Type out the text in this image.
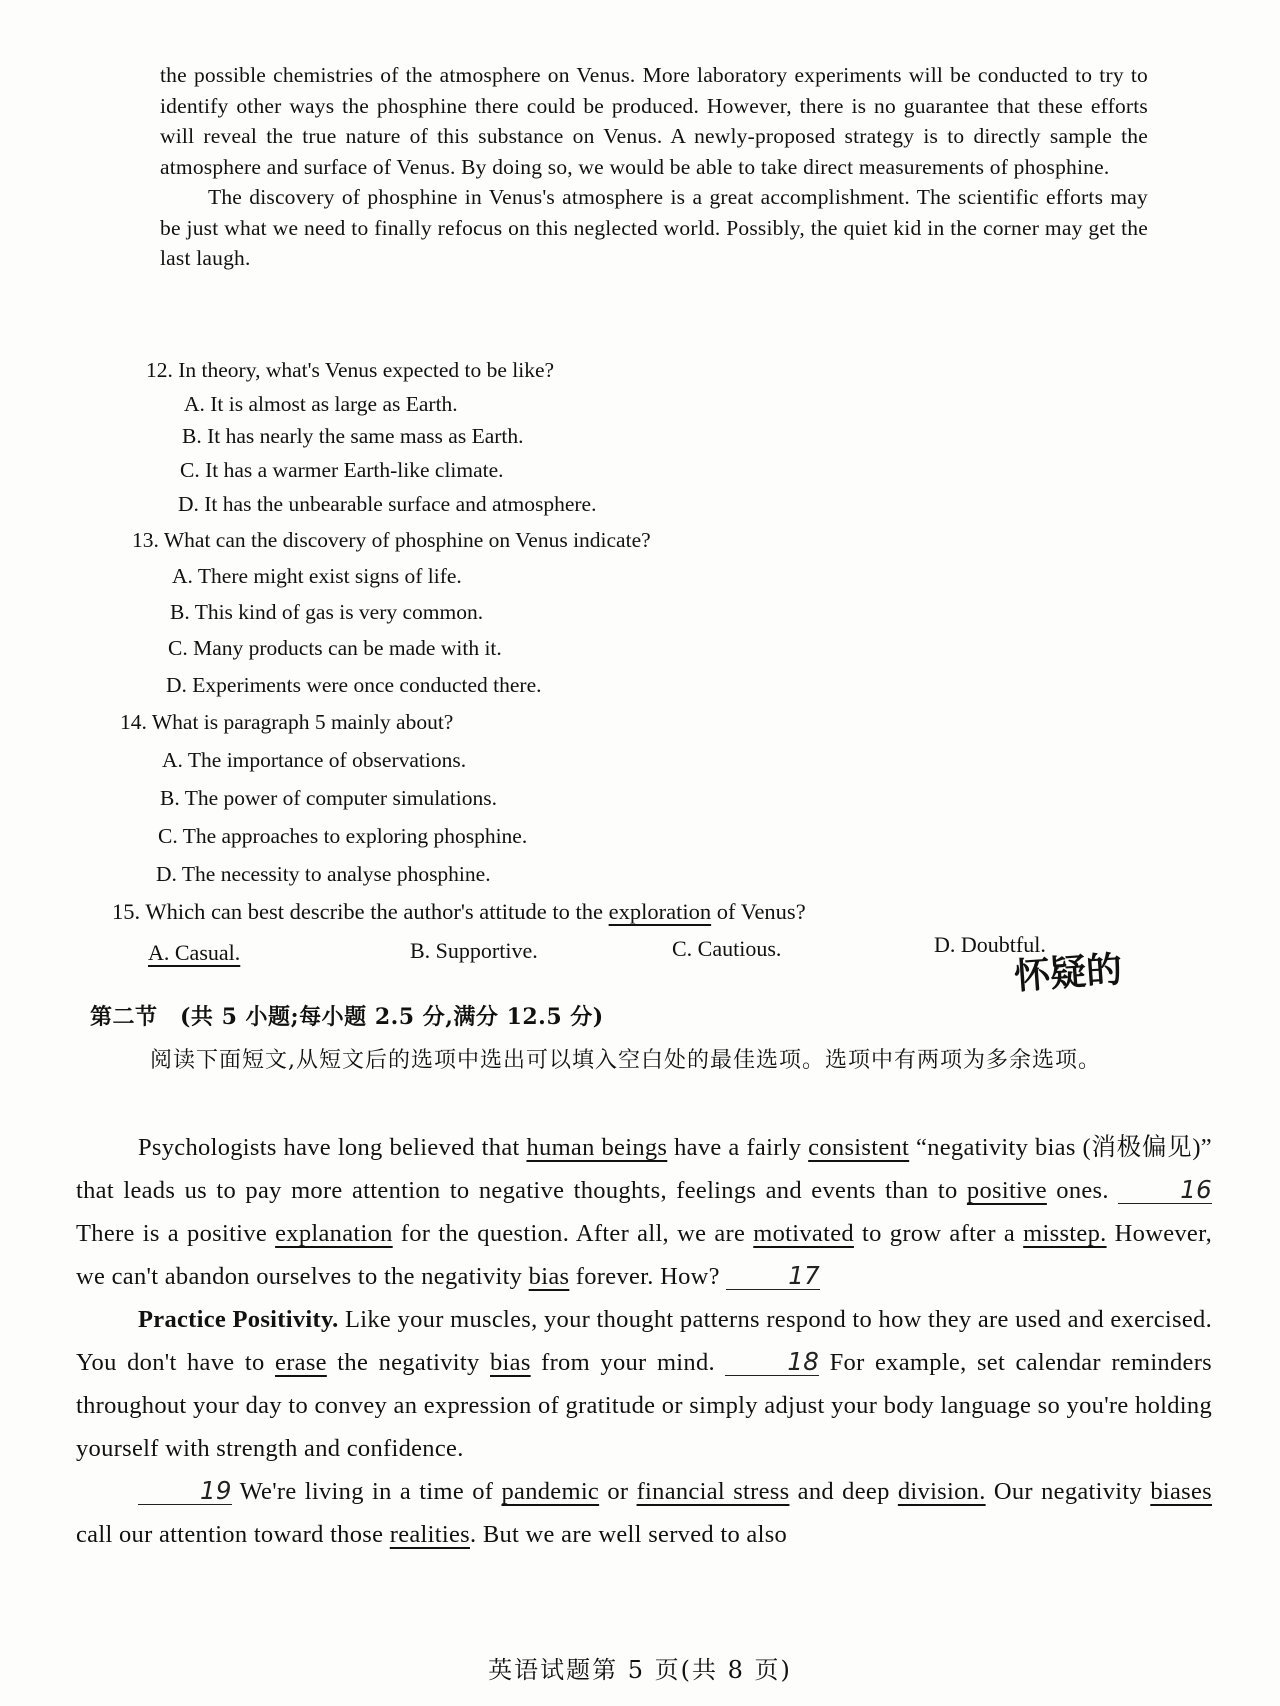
the possible chemistries of the atmosphere on Venus. More laboratory experiments will be conducted to try to identify other ways the phosphine there could be produced. However, there is no guarantee that these efforts will reveal the true nature of this substance on Venus. A newly-proposed strategy is to directly sample the atmosphere and surface of Venus. By doing so, we would be able to take direct measurements of phosphine.

The discovery of phosphine in Venus's atmosphere is a great accomplishment. The scientific efforts may be just what we need to finally refocus on this neglected world. Possibly, the quiet kid in the corner may get the last laugh.

12. In theory, what's Venus expected to be like?
A. It is almost as large as Earth.
B. It has nearly the same mass as Earth.
C. It has a warmer Earth-like climate.
D. It has the unbearable surface and atmosphere.
13. What can the discovery of phosphine on Venus indicate?
A. There might exist signs of life.
B. This kind of gas is very common.
C. Many products can be made with it.
D. Experiments were once conducted there.
14. What is paragraph 5 mainly about?
A. The importance of observations.
B. The power of computer simulations.
C. The approaches to exploring phosphine.
D. The necessity to analyse phosphine.
15. Which can best describe the author's attitude to the exploration of Venus?
A. Casual.	B. Supportive.	C. Cautious.	D. Doubtful.
怀疑的
第二节　(共 5 小题;每小题 2.5 分,满分 12.5 分)
阅读下面短文,从短文后的选项中选出可以填入空白处的最佳选项。选项中有两项为多余选项。

Psychologists have long believed that human beings have a fairly consistent “negativity bias (消极偏见)” that leads us to pay more attention to negative thoughts, feelings and events than to positive ones.	16 There is a positive explanation for the question. After all, we are motivated to grow after a misstep. However, we can't abandon ourselves to the negativity bias forever. How?	17

Practice Positivity. Like your muscles, your thought patterns respond to how they are used and exercised. You don't have to erase the negativity bias from your mind.	18 For example, set calendar reminders throughout your day to convey an expression of gratitude or simply adjust your body language so you're holding yourself with strength and confidence.

19 We're living in a time of pandemic or financial stress and deep division. Our negativity biases call our attention toward those realities. But we are well served to also

英语试题第 5 页(共 8 页)
